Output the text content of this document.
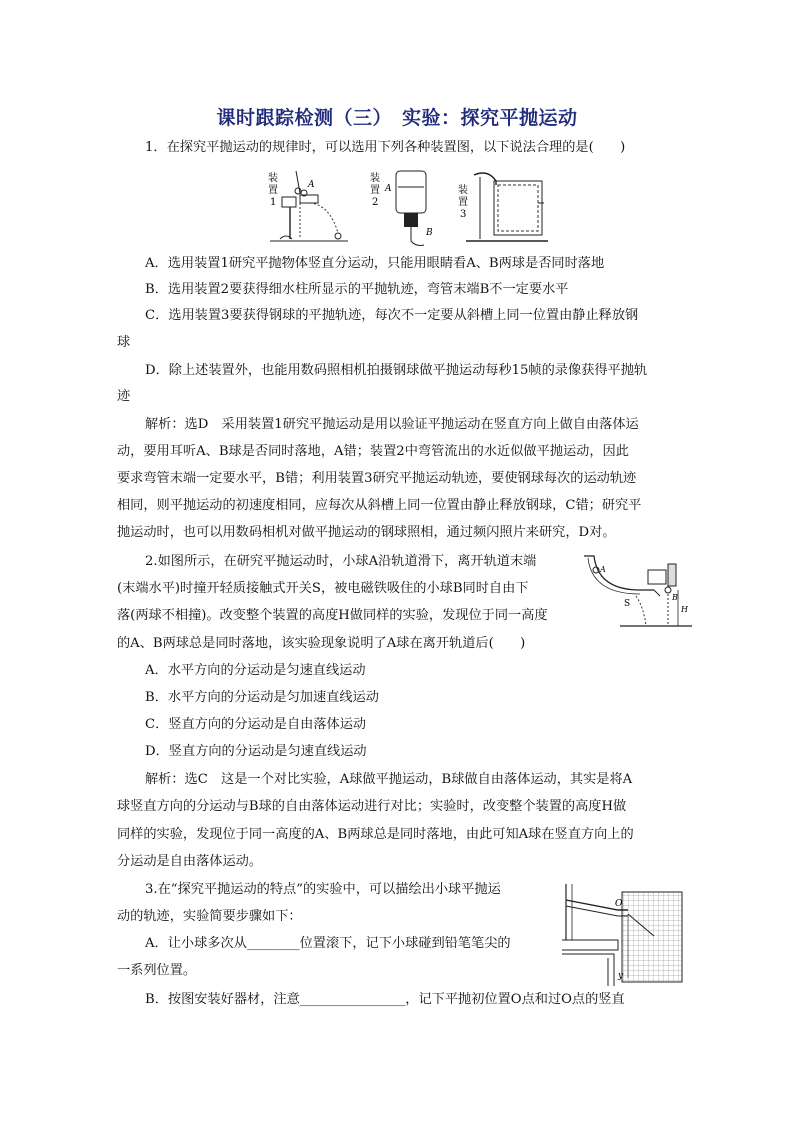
课时跟踪检测（三）　实验：探究平抛运动
1．在探究平抛运动的规律时，可以选用下列各种装置图，以下说法合理的是(　　)
装
置
1
A
装
置
2
A
B
装
置
3
A．选用装置1研究平抛物体竖直分运动，只能用眼睛看A、B两球是否同时落地
B．选用装置2要获得细水柱所显示的平抛轨迹，弯管末端B不一定要水平
C．选用装置3要获得钢球的平抛轨迹，每次不一定要从斜槽上同一位置由静止释放钢
球
D．除上述装置外，也能用数码照相机拍摄钢球做平抛运动每秒15帧的录像获得平抛轨
迹
解析：选D　采用装置1研究平抛运动是用以验证平抛运动在竖直方向上做自由落体运
动，要用耳听A、B球是否同时落地，A错；装置2中弯管流出的水近似做平抛运动，因此
要求弯管末端一定要水平，B错；利用装置3研究平抛运动轨迹，要使钢球每次的运动轨迹
相同，则平抛运动的初速度相同，应每次从斜槽上同一位置由静止释放钢球，C错；研究平
抛运动时，也可以用数码相机对做平抛运动的钢球照相，通过频闪照片来研究，D对。
2.如图所示，在研究平抛运动时，小球A沿轨道滑下，离开轨道末端
(末端水平)时撞开轻质接触式开关S，被电磁铁吸住的小球B同时自由下
落(两球不相撞)。改变整个装置的高度H做同样的实验，发现位于同一高度
的A、B两球总是同时落地，该实验现象说明了A球在离开轨道后(　　)
A
S
B
H
A．水平方向的分运动是匀速直线运动
B．水平方向的分运动是匀加速直线运动
C．竖直方向的分运动是自由落体运动
D．竖直方向的分运动是匀速直线运动
解析：选C　这是一个对比实验，A球做平抛运动，B球做自由落体运动，其实是将A
球竖直方向的分运动与B球的自由落体运动进行对比；实验时，改变整个装置的高度H做
同样的实验，发现位于同一高度的A、B两球总是同时落地，由此可知A球在竖直方向上的
分运动是自由落体运动。
3.在“探究平抛运动的特点”的实验中，可以描绘出小球平抛运
动的轨迹，实验简要步骤如下：
O
y
A．让小球多次从________位置滚下，记下小球碰到铅笔笔尖的
一系列位置。
B．按图安装好器材，注意________________，记下平抛初位置O点和过O点的竖直
